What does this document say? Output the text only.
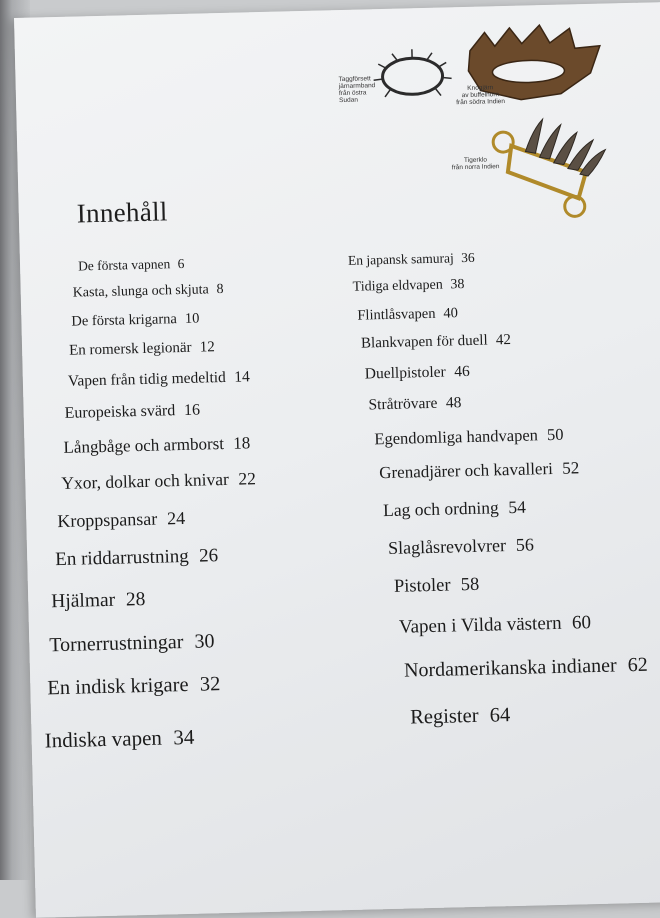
Taggförsett
järnarmband
från östra
Sudan
Knogjärn
av buffelhorn
från södra Indien
Tigerklo
från norra Indien
Innehåll
De första vapnen 6
Kasta, slunga och skjuta 8
De första krigarna 10
En romersk legionär 12
Vapen från tidig medeltid 14
Europeiska svärd 16
Långbåge och armborst 18
Yxor, dolkar och knivar 22
Kroppspansar 24
En riddarrustning 26
Hjälmar 28
Tornerrustningar 30
En indisk krigare 32
Indiska vapen 34
En japansk samuraj 36
Tidiga eldvapen 38
Flintlåsvapen 40
Blankvapen för duell 42
Duellpistoler 46
Stråtrövare 48
Egendomliga handvapen 50
Grenadjärer och kavalleri 52
Lag och ordning 54
Slaglåsrevolvrer 56
Pistoler 58
Vapen i Vilda västern 60
Nordamerikanska indianer 62
Register 64
